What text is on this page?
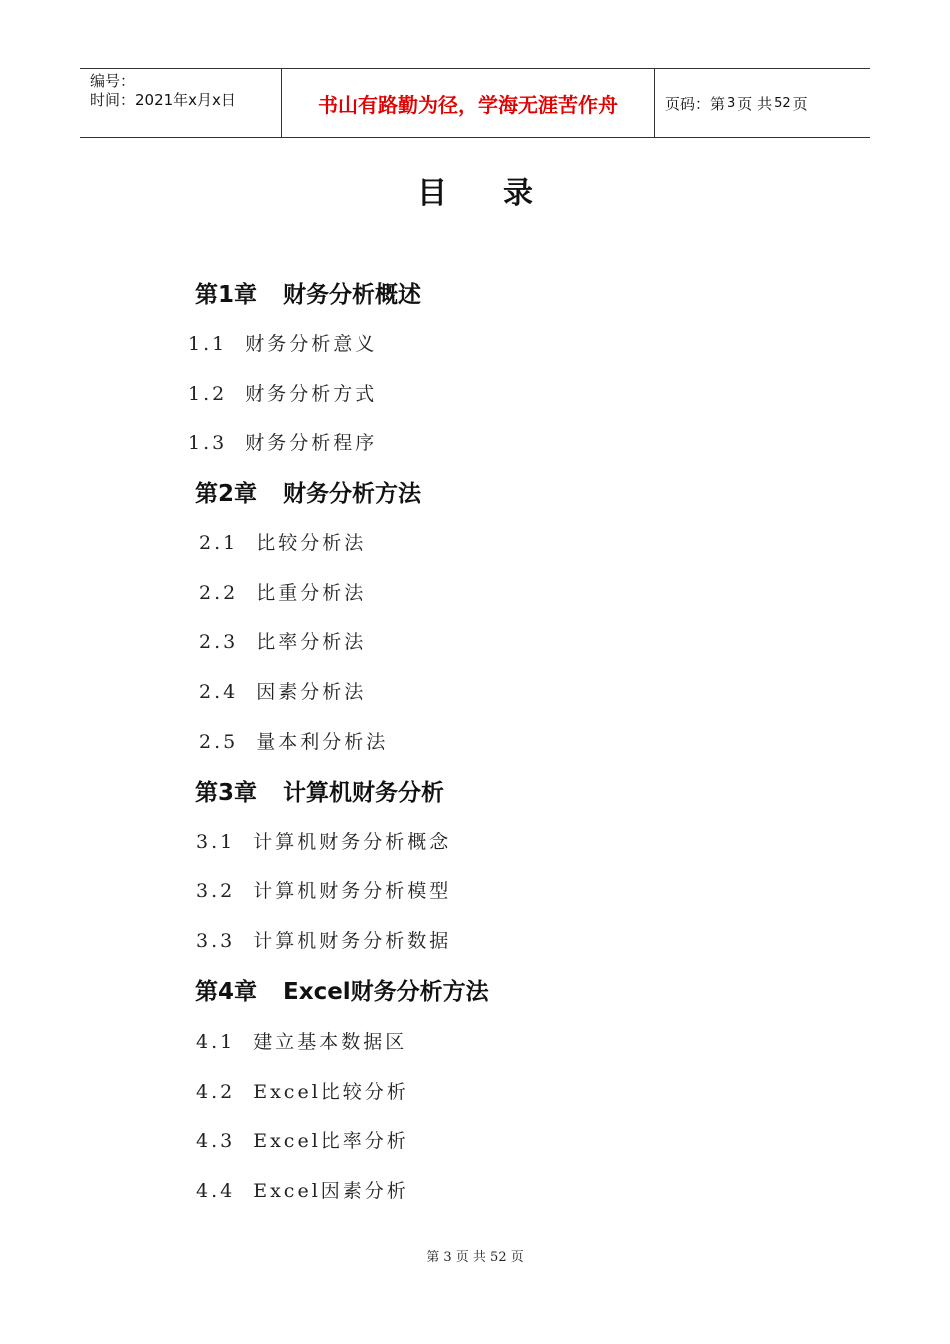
编号：
时间：2021年x月x日	书山有路勤为径，学海无涯苦作舟	页码：第 3 页 共 52 页
目录
第1章 财务分析概述
1.1 财务分析意义
1.2 财务分析方式
1.3 财务分析程序
第2章 财务分析方法
2.1 比较分析法
2.2 比重分析法
2.3 比率分析法
2.4 因素分析法
2.5 量本利分析法
第3章 计算机财务分析
3.1 计算机财务分析概念
3.2 计算机财务分析模型
3.3 计算机财务分析数据
第4章 Excel财务分析方法
4.1 建立基本数据区
4.2 Excel比较分析
4.3 Excel比率分析
4.4 Excel因素分析
第 3 页 共 52 页
